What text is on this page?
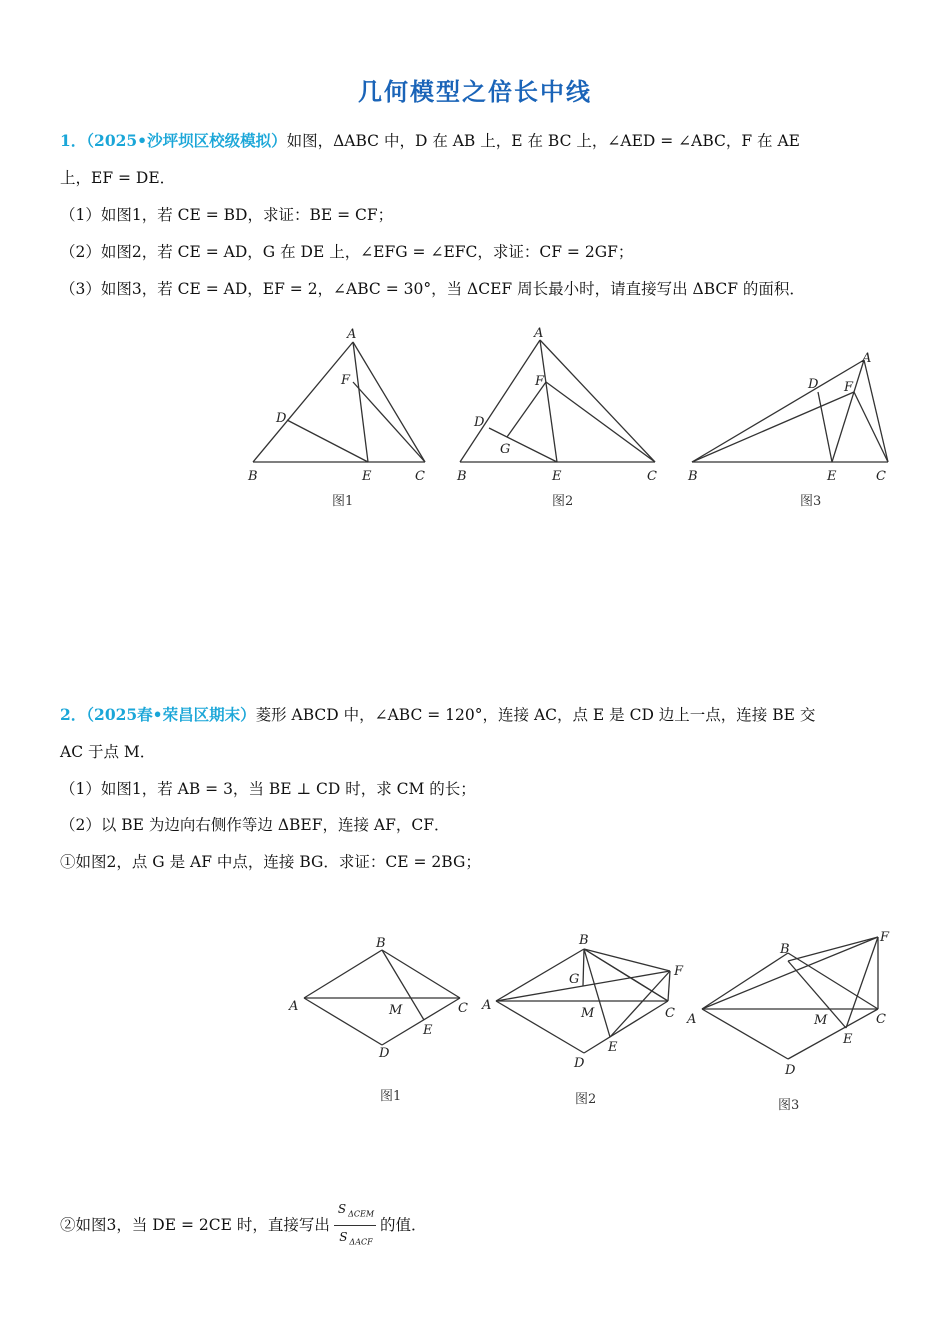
几何模型之倍长中线
1．（2025•沙坪坝区校级模拟）如图，ΔABC 中，D 在 AB 上，E 在 BC 上，∠AED = ∠ABC，F 在 AE
上，EF = DE．
（1）如图1，若 CE = BD，求证：BE = CF；
（2）如图2，若 CE = AD，G 在 DE 上，∠EFG = ∠EFC，求证：CF = 2GF；
（3）如图3，若 CE = AD，EF = 2，∠ABC = 30°，当 ΔCEF 周长最小时，请直接写出 ΔBCF 的面积．
A
F
D
B	E	C
图1
A
F
D
G
B	E	C
图2
A
D F
B	E	C
图3
2．（2025春•荣昌区期末）菱形 ABCD 中，∠ABC = 120°，连接 AC，点 E 是 CD 边上一点，连接 BE 交
AC 于点 M．
（1）如图1，若 AB = 3，当 BE ⊥ CD 时，求 CM 的长；
（2）以 BE 为边向右侧作等边 ΔBEF，连接 AF，CF．
①如图2，点 G 是 AF 中点，连接 BG．求证：CE = 2BG；
B
A	M	C
E
D
图1
B
G
F
A
M	C
E
D
图2
B
F
A	M	C
E
D
图3
②如图3，当 DE = 2CE 时，直接写出 $\frac{S _{\Delta CEM}}{S _{\Delta ACF}}$ 的值．
